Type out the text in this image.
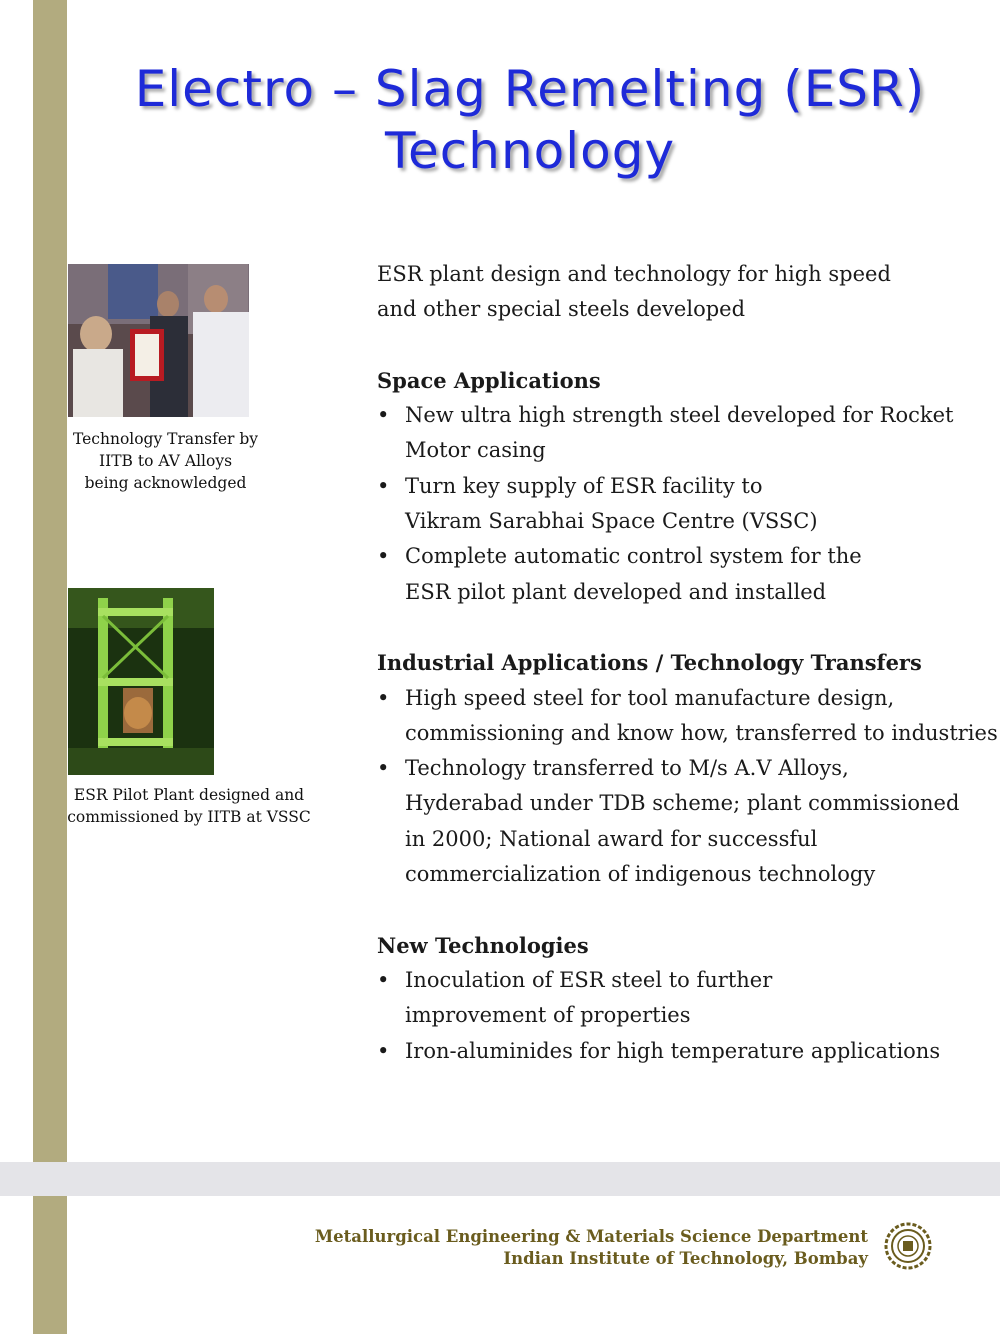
Electro – Slag Remelting (ESR)
Technology
Technology Transfer by
IITB to AV Alloys
being acknowledged
ESR Pilot Plant designed and
commissioned by IITB at VSSC

ESR plant design and technology for high speed

and other special steels developed

Space Applications
• New ultra high strength steel developed for Rocket
Motor casing
• Turn key supply of ESR facility to
Vikram Sarabhai Space Centre (VSSC)
• Complete automatic control system for the
ESR pilot plant developed and installed
Industrial Applications / Technology Transfers
• High speed steel for tool manufacture design,
commissioning and know how, transferred to industries
• Technology transferred to M/s A.V Alloys,
Hyderabad under TDB scheme; plant commissioned
in 2000; National award for successful
commercialization of indigenous technology
New Technologies
• Inoculation of ESR steel to further
improvement of properties
• Iron-aluminides for high temperature applications
Metallurgical Engineering & Materials Science Department
Indian Institute of Technology, Bombay
